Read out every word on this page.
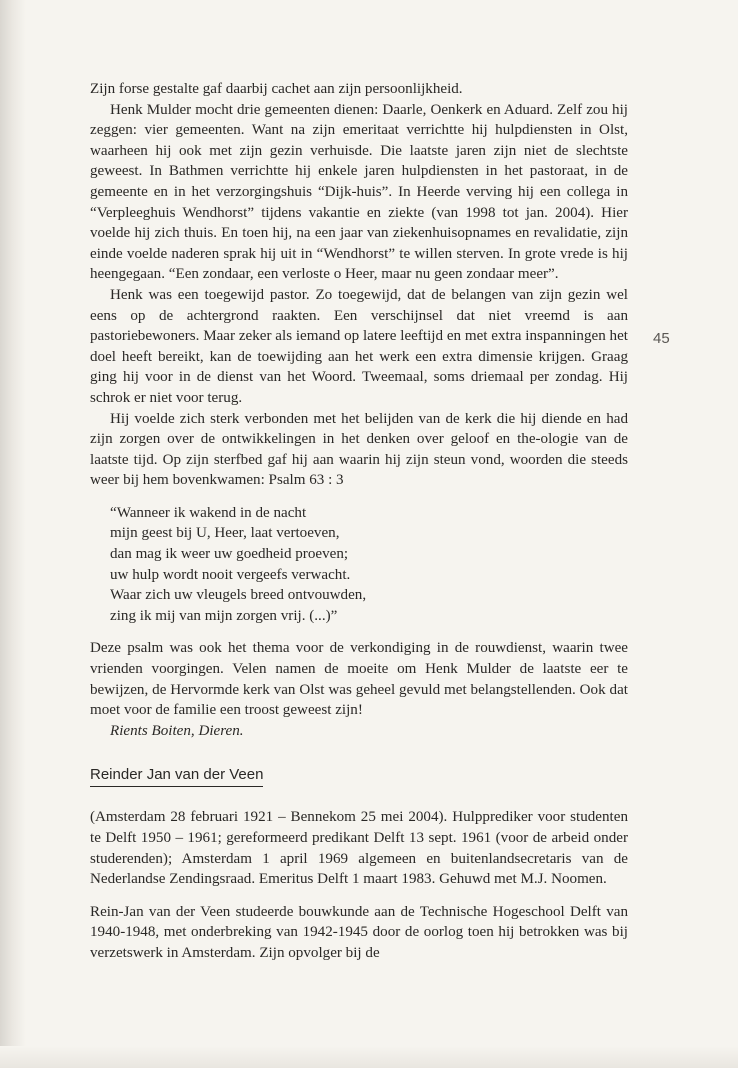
45

Zijn forse gestalte gaf daarbij cachet aan zijn persoonlijkheid.

Henk Mulder mocht drie gemeenten dienen: Daarle, Oenkerk en Aduard. Zelf zou hij zeggen: vier gemeenten. Want na zijn emeritaat verrichtte hij hulpdiensten in Olst, waarheen hij ook met zijn gezin verhuisde. Die laatste jaren zijn niet de slechtste geweest. In Bathmen verrichtte hij enkele jaren hulpdiensten in het pastoraat, in de gemeente en in het verzorgingshuis “Dijk-huis”. In Heerde verving hij een collega in “Verpleeghuis Wendhorst” tijdens vakantie en ziekte (van 1998 tot jan. 2004). Hier voelde hij zich thuis. En toen hij, na een jaar van ziekenhuisopnames en revalidatie, zijn einde voelde naderen sprak hij uit in “Wendhorst” te willen sterven. In grote vrede is hij heengegaan. “Een zondaar, een verloste o Heer, maar nu geen zondaar meer”.

Henk was een toegewijd pastor. Zo toegewijd, dat de belangen van zijn gezin wel eens op de achtergrond raakten. Een verschijnsel dat niet vreemd is aan pastoriebewoners. Maar zeker als iemand op latere leeftijd en met extra inspanningen het doel heeft bereikt, kan de toewijding aan het werk een extra dimensie krijgen. Graag ging hij voor in de dienst van het Woord. Tweemaal, soms driemaal per zondag. Hij schrok er niet voor terug.

Hij voelde zich sterk verbonden met het belijden van de kerk die hij diende en had zijn zorgen over de ontwikkelingen in het denken over geloof en the-ologie van de laatste tijd. Op zijn sterfbed gaf hij aan waarin hij zijn steun vond, woorden die steeds weer bij hem bovenkwamen: Psalm 63 : 3

“Wanneer ik wakend in de nacht
mijn geest bij U, Heer, laat vertoeven,
dan mag ik weer uw goedheid proeven;
uw hulp wordt nooit vergeefs verwacht.
Waar zich uw vleugels breed ontvouwden,
zing ik mij van mijn zorgen vrij. (...)”

Deze psalm was ook het thema voor de verkondiging in de rouwdienst, waarin twee vrienden voorgingen. Velen namen de moeite om Henk Mulder de laatste eer te bewijzen, de Hervormde kerk van Olst was geheel gevuld met belangstellenden. Ook dat moet voor de familie een troost geweest zijn!

Rients Boiten, Dieren.

Reinder Jan van der Veen

(Amsterdam 28 februari 1921 – Bennekom 25 mei 2004). Hulpprediker voor studenten te Delft 1950 – 1961; gereformeerd predikant Delft 13 sept. 1961 (voor de arbeid onder studerenden); Amsterdam 1 april 1969 algemeen en buitenlandsecretaris van de Nederlandse Zendingsraad. Emeritus Delft 1 maart 1983. Gehuwd met M.J. Noomen.

Rein-Jan van der Veen studeerde bouwkunde aan de Technische Hogeschool Delft van 1940-1948, met onderbreking van 1942-1945 door de oorlog toen hij betrokken was bij verzetswerk in Amsterdam. Zijn opvolger bij de
